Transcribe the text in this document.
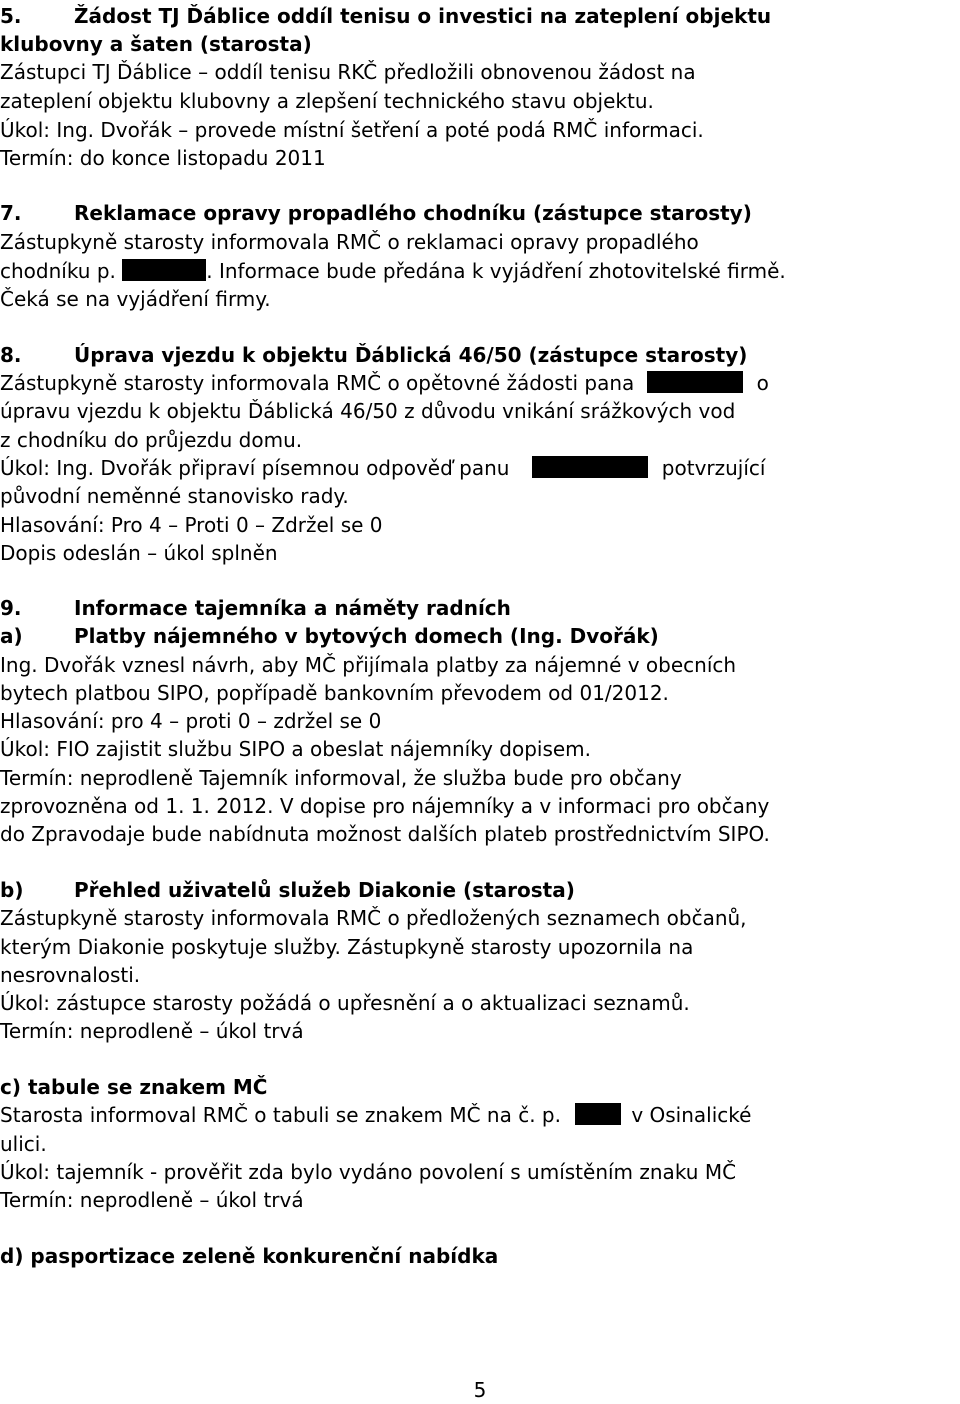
5.	Žádost TJ Ďáblice oddíl tenisu o investici na zateplení objektu
klubovny a šaten (starosta)
Zástupci TJ Ďáblice – oddíl tenisu RKČ předložili obnovenou žádost na
zateplení objektu klubovny a zlepšení technického stavu objektu.
Úkol: Ing. Dvořák – provede místní šetření a poté podá RMČ informaci.
Termín: do konce listopadu 2011
7.	Reklamace opravy propadlého chodníku (zástupce starosty)
Zástupkyně starosty informovala RMČ o reklamaci opravy propadlého
chodníku p.	. Informace bude předána k vyjádření zhotovitelské firmě.
Čeká se na vyjádření firmy.
8.	Úprava vjezdu k objektu Ďáblická 46/50 (zástupce starosty)
Zástupkyně starosty informovala RMČ o opětovné žádosti pana	o
úpravu vjezdu k objektu Ďáblická 46/50 z důvodu vnikání srážkových vod
z chodníku do průjezdu domu.
Úkol: Ing. Dvořák připraví písemnou odpověď panu	potvrzující
původní neměnné stanovisko rady.
Hlasování: Pro 4 – Proti 0 – Zdržel se 0
Dopis odeslán – úkol splněn
9.	Informace tajemníka a náměty radních
a)	Platby nájemného v bytových domech (Ing. Dvořák)
Ing. Dvořák vznesl návrh, aby MČ přijímala platby za nájemné v obecních
bytech platbou SIPO, popřípadě bankovním převodem od 01/2012.
Hlasování: pro 4 – proti 0 – zdržel se 0
Úkol: FIO zajistit službu SIPO a obeslat nájemníky dopisem.
Termín: neprodleně Tajemník informoval, že služba bude pro občany
zprovozněna od 1. 1. 2012. V dopise pro nájemníky a v informaci pro občany
do Zpravodaje bude nabídnuta možnost dalších plateb prostřednictvím SIPO.
b)	Přehled uživatelů služeb Diakonie (starosta)
Zástupkyně starosty informovala RMČ o předložených seznamech občanů,
kterým Diakonie poskytuje služby. Zástupkyně starosty upozornila na
nesrovnalosti.
Úkol: zástupce starosty požádá o upřesnění a o aktualizaci seznamů.
Termín: neprodleně – úkol trvá
c) tabule se znakem MČ
Starosta informoval RMČ o tabuli se znakem MČ na č. p.	v Osinalické
ulici.
Úkol: tajemník - prověřit zda bylo vydáno povolení s umístěním znaku MČ
Termín: neprodleně – úkol trvá
d) pasportizace zeleně konkurenční nabídka
5
